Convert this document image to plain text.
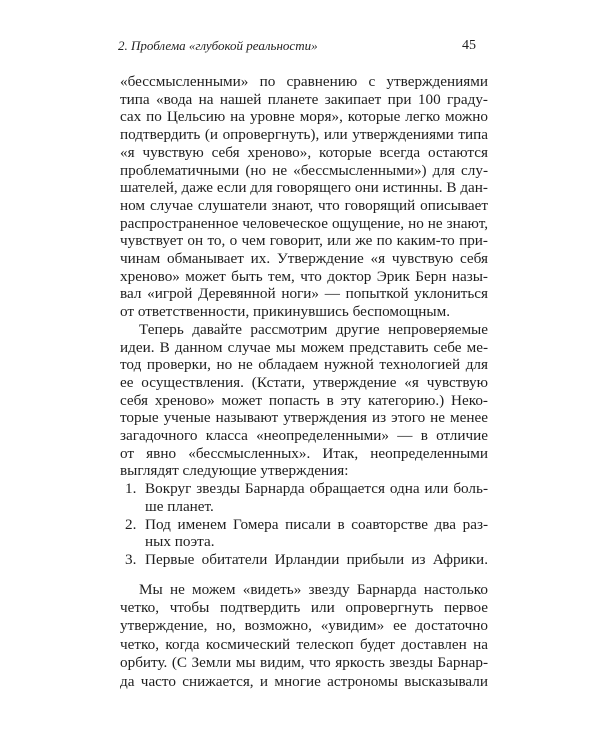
2. Проблема «глубокой реальности»	45
«бессмысленными» по сравнению с утверждениями
типа «вода на нашей планете закипает при 100 граду-
сах по Цельсию на уровне моря», которые легко можно
подтвердить (и опровергнуть), или утверждениями типа
«я чувствую себя хреново», которые всегда остаются
проблематичными (но не «бессмысленными») для слу-
шателей, даже если для говорящего они истинны. В дан-
ном случае слушатели знают, что говорящий описывает
распространенное человеческое ощущение, но не знают,
чувствует он то, о чем говорит, или же по каким-то при-
чинам обманывает их. Утверждение «я чувствую себя
хреново» может быть тем, что доктор Эрик Берн назы-
вал «игрой Деревянной ноги» — попыткой уклониться
от ответственности, прикинувшись беспомощным.
Теперь давайте рассмотрим другие непроверяемые
идеи. В данном случае мы можем представить себе ме-
тод проверки, но не обладаем нужной технологией для
ее осуществления. (Кстати, утверждение «я чувствую
себя хреново» может попасть в эту категорию.) Неко-
торые ученые называют утверждения из этого не менее
загадочного класса «неопределенными» — в отличие
от явно «бессмысленных». Итак, неопределенными
выглядят следующие утверждения:
Вокруг звезды Барнарда обращается одна или боль-
1.
ше планет.
Под именем Гомера писали в соавторстве два раз-
2.
ных поэта.
Первые обитатели Ирландии прибыли из Африки.
3.
Мы не можем «видеть» звезду Барнарда настолько
четко, чтобы подтвердить или опровергнуть первое
утверждение, но, возможно, «увидим» ее достаточно
четко, когда космический телескоп будет доставлен на
орбиту. (С Земли мы видим, что яркость звезды Барнар-
да часто снижается, и многие астрономы высказывали
